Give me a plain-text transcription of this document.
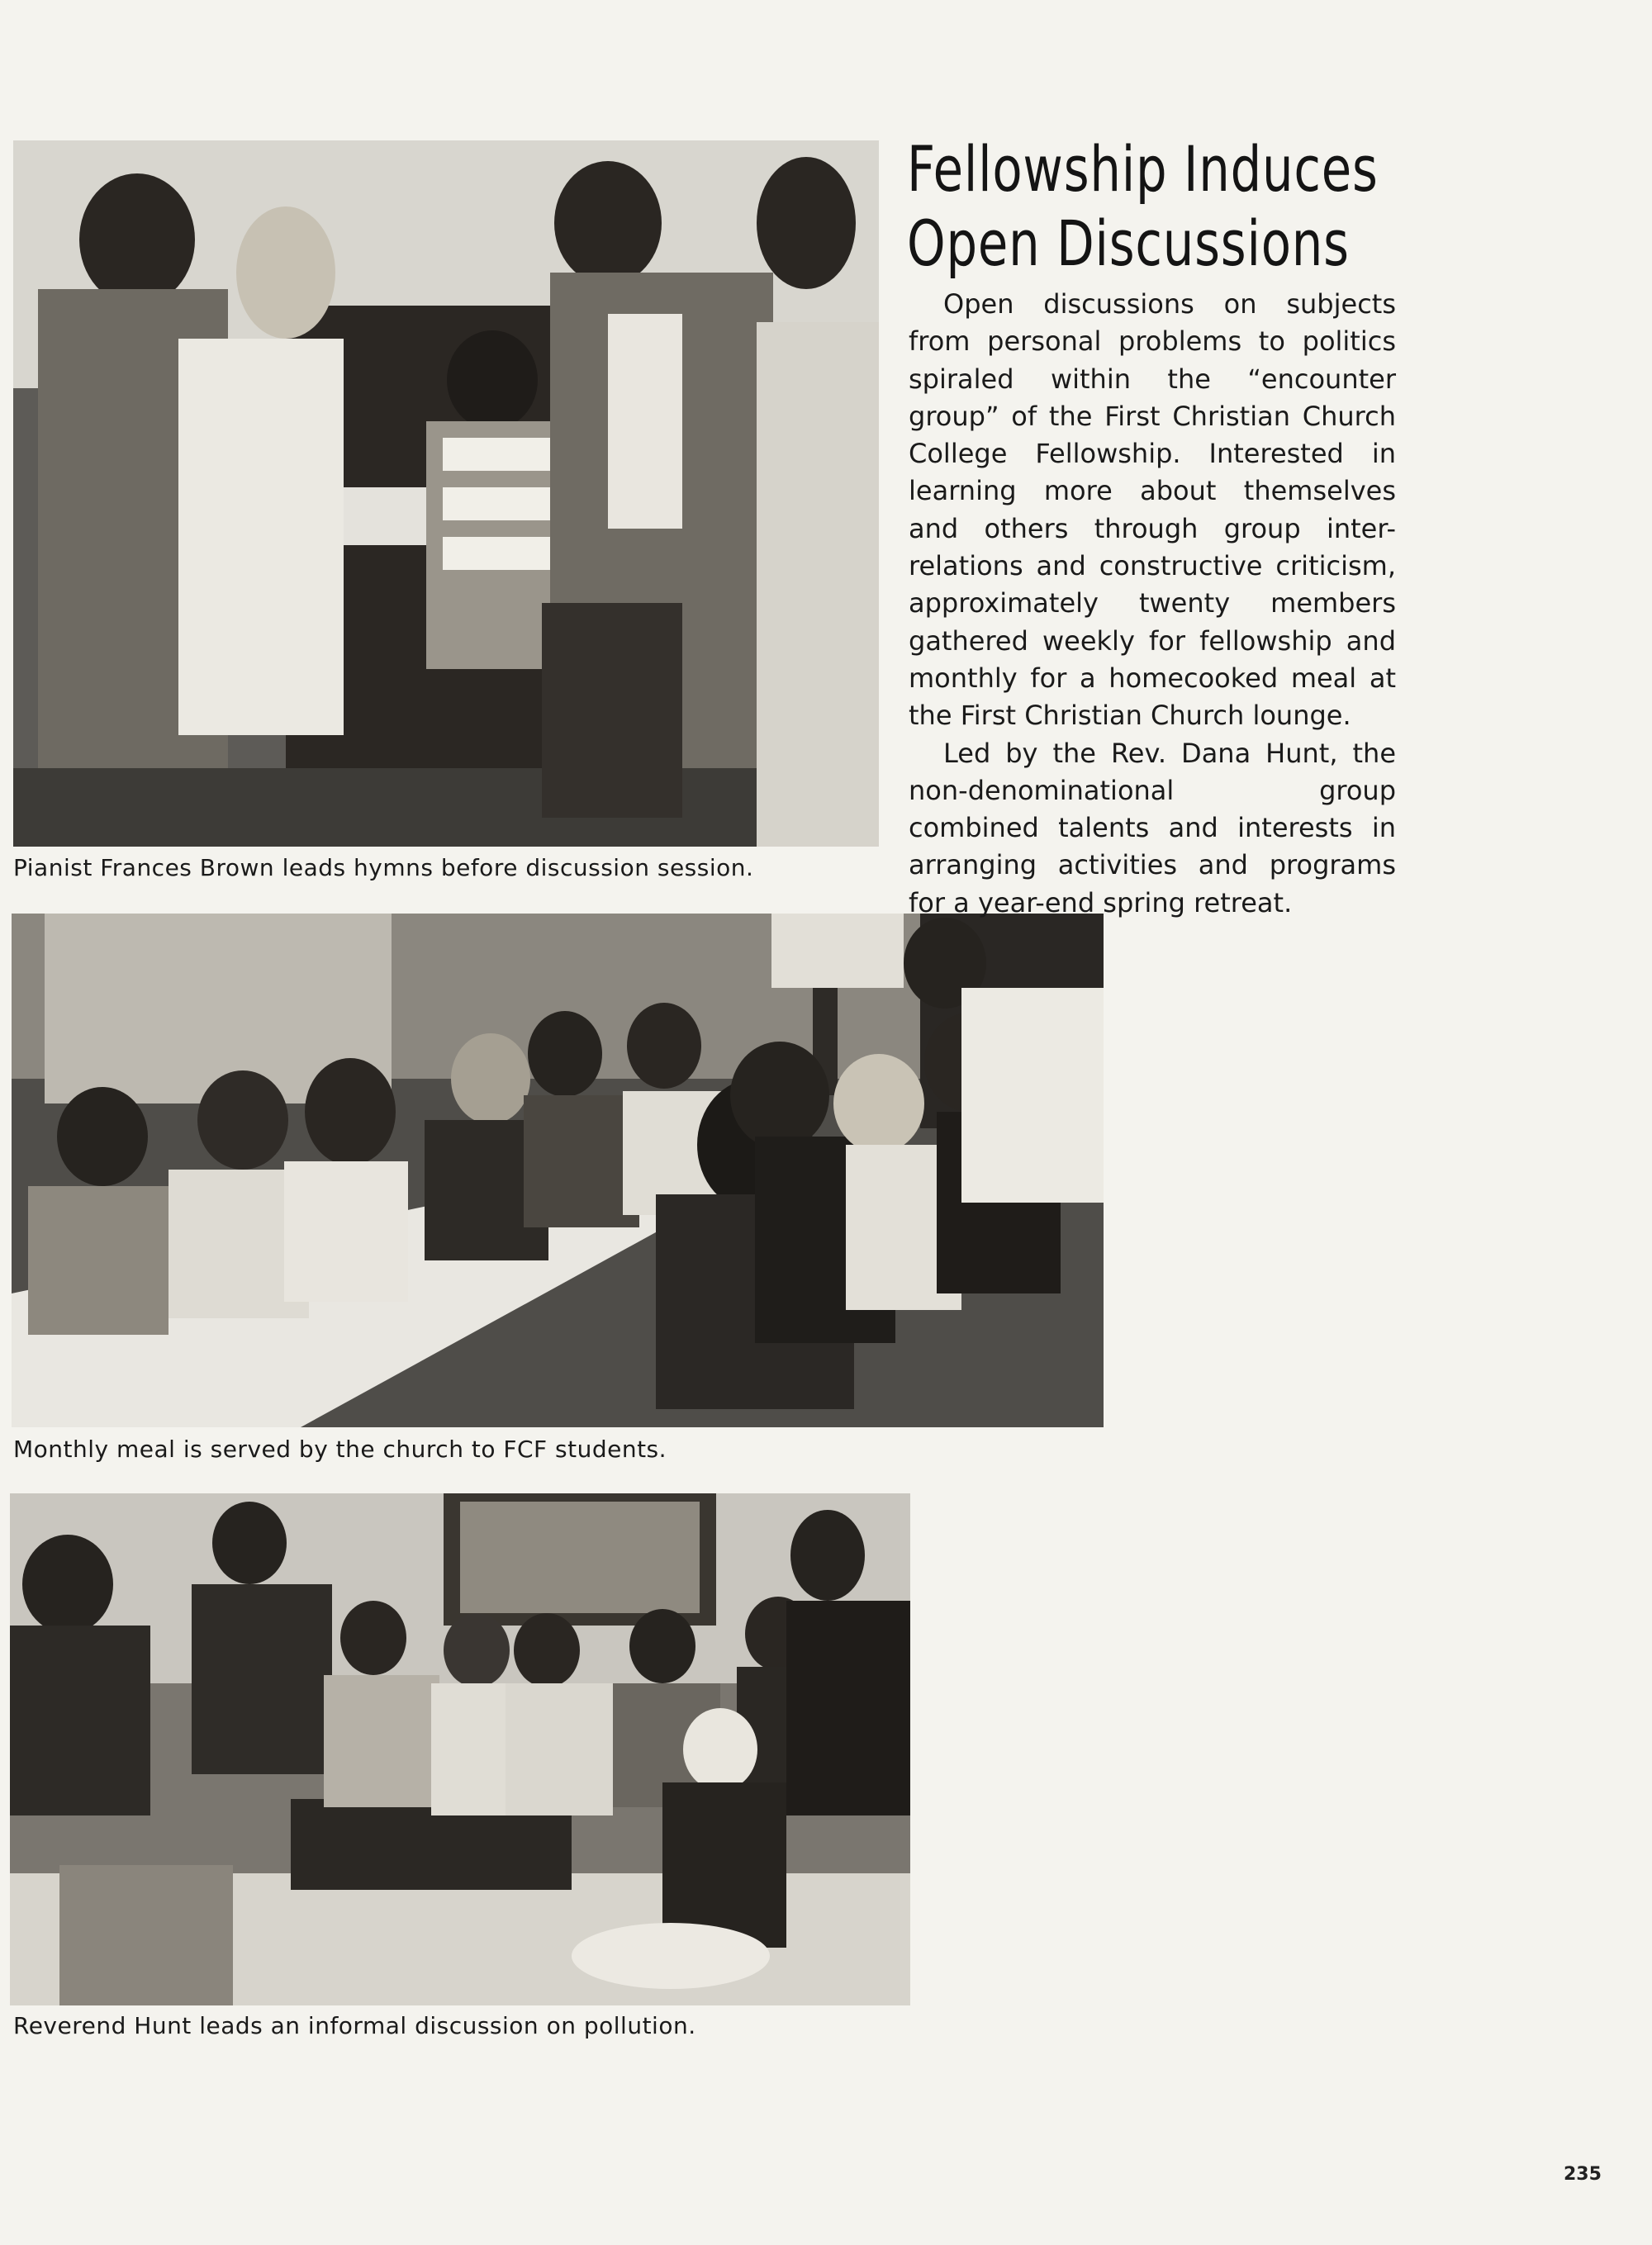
Pianist Frances Brown leads hymns before discussion session.
Monthly meal is served by the church to FCF students.
Reverend Hunt leads an informal discussion on pollution.
Fellowship Induces
Open Discussions

Open discussions on subjects from personal problems to politics spiraled within the “encounter group” of the First Christian Church College Fellowship. Interested in learning more about themselves and others through group inter-relations and constructive criticism, approximately twenty members gathered weekly for fellowship and monthly for a homecooked meal at the First Christian Church lounge.

Led by the Rev. Dana Hunt, the non-denominational group combined talents and interests in arranging activities and programs for a year-end spring retreat.

235
